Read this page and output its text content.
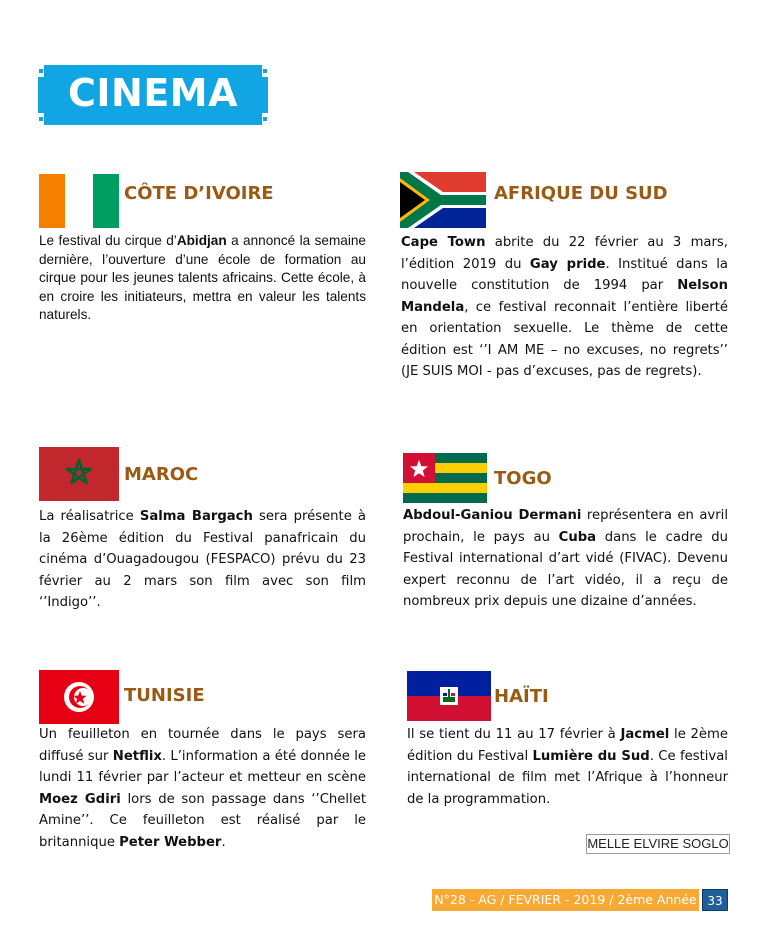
CINEMA
CÔTE D’IVOIRE
Le festival du cirque d’Abidjan a annoncé la semaine dernière, l’ouverture d’une école de formation au cirque pour les jeunes talents africains. Cette école, à en croire les initiateurs, mettra en valeur les talents naturels.
AFRIQUE DU SUD
Cape Town abrite du 22 février au 3 mars, l’édition 2019 du Gay pride. Institué dans la nouvelle constitution de 1994 par Nelson Mandela, ce festival reconnait l’entière liberté en orientation sexuelle. Le thème de cette édition est ‘’I AM ME – no excuses, no regrets’’ (JE SUIS MOI - pas d’excuses, pas de regrets).
MAROC
La réalisatrice Salma Bargach sera présente à la 26ème édition du Festival panafricain du cinéma d’Ouagadougou (FESPACO) prévu du 23 février au 2 mars son film avec son film ‘’Indigo’’.
TOGO
Abdoul-Ganiou Dermani représentera en avril prochain, le pays au Cuba dans le cadre du Festival international d’art vidé (FIVAC). Devenu expert reconnu de l’art vidéo, il a reçu de nombreux prix depuis une dizaine d’années.
TUNISIE
Un feuilleton en tournée dans le pays sera diffusé sur Netflix. L’information a été donnée le lundi 11 février par l’acteur et metteur en scène Moez Gdiri lors de son passage dans ‘’Chellet Amine’’. Ce feuilleton est réalisé par le britannique Peter Webber.
HAÏTI
Il se tient du 11 au 17 février à Jacmel le 2ème édition du Festival Lumière du Sud. Ce festival international de film met l’Afrique à l’honneur de la programmation.
MELLE ELVIRE SOGLO
N°28 - AG / FEVRIER - 2019 / 2ème Année 33
